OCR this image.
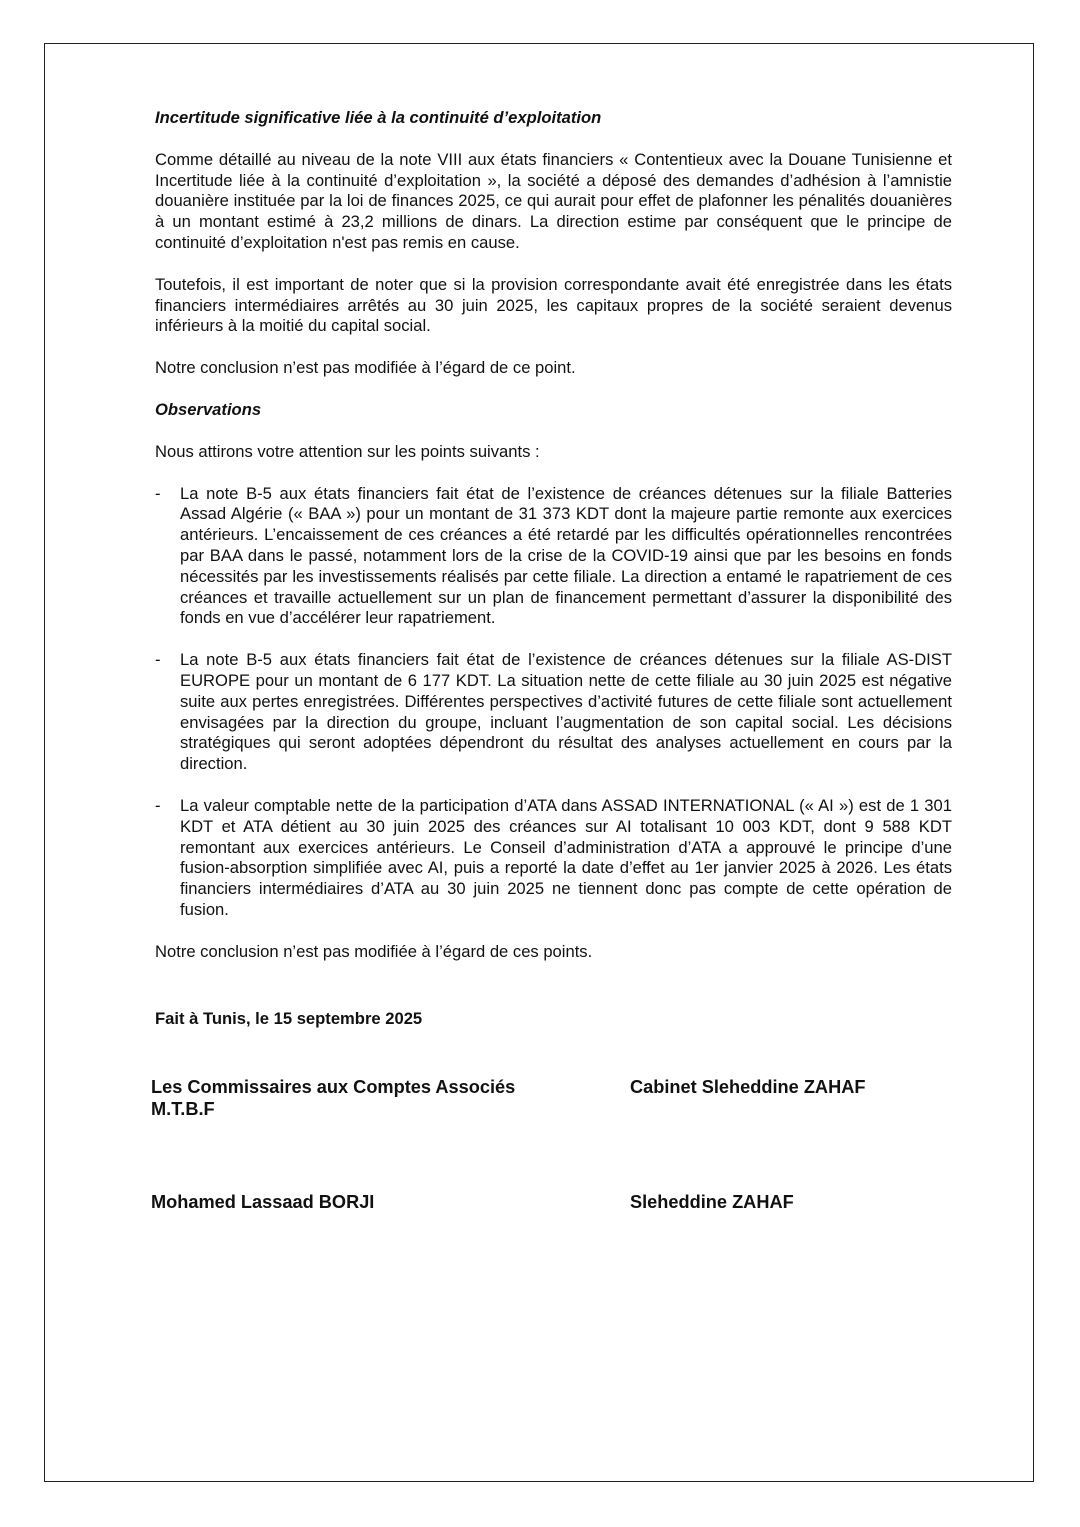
Incertitude significative liée à la continuité d’exploitation

Comme détaillé au niveau de la note VIII aux états financiers « Contentieux avec la Douane Tunisienne et Incertitude liée à la continuité d’exploitation », la société a déposé des demandes d’adhésion à l’amnistie douanière instituée par la loi de finances 2025, ce qui aurait pour effet de plafonner les pénalités douanières à un montant estimé à 23,2 millions de dinars. La direction estime par conséquent que le principe de continuité d’exploitation n'est pas remis en cause.

Toutefois, il est important de noter que si la provision correspondante avait été enregistrée dans les états financiers intermédiaires arrêtés au 30 juin 2025, les capitaux propres de la société seraient devenus inférieurs à la moitié du capital social.

Notre conclusion n’est pas modifiée à l’égard de ce point.

Observations

Nous attirons votre attention sur les points suivants :

- La note B-5 aux états financiers fait état de l’existence de créances détenues sur la filiale Batteries Assad Algérie (« BAA ») pour un montant de 31 373 KDT dont la majeure partie remonte aux exercices antérieurs. L’encaissement de ces créances a été retardé par les difficultés opérationnelles rencontrées par BAA dans le passé, notamment lors de la crise de la COVID-19 ainsi que par les besoins en fonds nécessités par les investissements réalisés par cette filiale. La direction a entamé le rapatriement de ces créances et travaille actuellement sur un plan de financement permettant d’assurer la disponibilité des fonds en vue d’accélérer leur rapatriement.
- La note B-5 aux états financiers fait état de l’existence de créances détenues sur la filiale AS-DIST EUROPE pour un montant de 6 177 KDT. La situation nette de cette filiale au 30 juin 2025 est négative suite aux pertes enregistrées. Différentes perspectives d’activité futures de cette filiale sont actuellement envisagées par la direction du groupe, incluant l’augmentation de son capital social. Les décisions stratégiques qui seront adoptées dépendront du résultat des analyses actuellement en cours par la direction.
- La valeur comptable nette de la participation d’ATA dans ASSAD INTERNATIONAL (« AI ») est de 1 301 KDT et ATA détient au 30 juin 2025 des créances sur AI totalisant 10 003 KDT, dont 9 588 KDT remontant aux exercices antérieurs. Le Conseil d’administration d’ATA a approuvé le principe d’une fusion-absorption simplifiée avec AI, puis a reporté la date d’effet au 1er janvier 2025 à 2026. Les états financiers intermédiaires d’ATA au 30 juin 2025 ne tiennent donc pas compte de cette opération de fusion.

Notre conclusion n’est pas modifiée à l’égard de ces points.

Fait à Tunis, le 15 septembre 2025
Les Commissaires aux Comptes Associés
M.T.B.F
Cabinet Sleheddine ZAHAF
Mohamed Lassaad BORJI	Sleheddine ZAHAF
